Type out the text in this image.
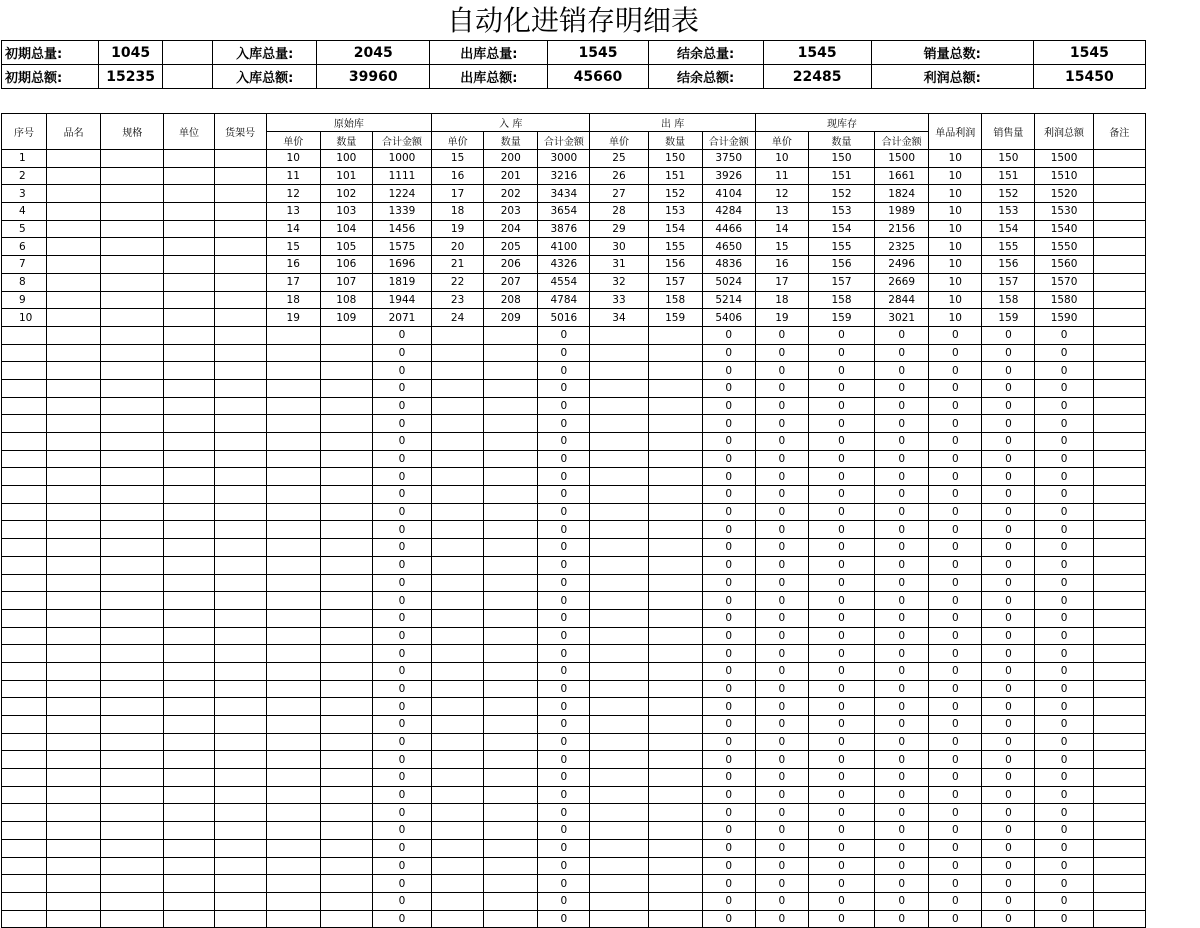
自动化进销存明细表
初期总量:	1045		入库总量:	2045	出库总量:	1545	结余总量:	1545	销量总数:	1545
初期总额:	15235		入库总额:	39960	出库总额:	45660	结余总额:	22485	利润总额:	15450
序号	品名	规格	单位	货架号	原始库			入 库			出 库			现库存			单品利润	销售量	利润总额	备注
					单价	数量	合计金额	单价	数量	合计金额	单价	数量	合计金额	单价	数量	合计金额				
1					10	100	1000	15	200	3000	25	150	3750	10	150	1500	10	150	1500	
2					11	101	1111	16	201	3216	26	151	3926	11	151	1661	10	151	1510	
3					12	102	1224	17	202	3434	27	152	4104	12	152	1824	10	152	1520	
4					13	103	1339	18	203	3654	28	153	4284	13	153	1989	10	153	1530	
5					14	104	1456	19	204	3876	29	154	4466	14	154	2156	10	154	1540	
6					15	105	1575	20	205	4100	30	155	4650	15	155	2325	10	155	1550	
7					16	106	1696	21	206	4326	31	156	4836	16	156	2496	10	156	1560	
8					17	107	1819	22	207	4554	32	157	5024	17	157	2669	10	157	1570	
9					18	108	1944	23	208	4784	33	158	5214	18	158	2844	10	158	1580	
10					19	109	2071	24	209	5016	34	159	5406	19	159	3021	10	159	1590	
							0			0			0	0	0	0	0	0	0	
							0			0			0	0	0	0	0	0	0	
							0			0			0	0	0	0	0	0	0	
							0			0			0	0	0	0	0	0	0	
							0			0			0	0	0	0	0	0	0	
							0			0			0	0	0	0	0	0	0	
							0			0			0	0	0	0	0	0	0	
							0			0			0	0	0	0	0	0	0	
							0			0			0	0	0	0	0	0	0	
							0			0			0	0	0	0	0	0	0	
							0			0			0	0	0	0	0	0	0	
							0			0			0	0	0	0	0	0	0	
							0			0			0	0	0	0	0	0	0	
							0			0			0	0	0	0	0	0	0	
							0			0			0	0	0	0	0	0	0	
							0			0			0	0	0	0	0	0	0	
							0			0			0	0	0	0	0	0	0	
							0			0			0	0	0	0	0	0	0	
							0			0			0	0	0	0	0	0	0	
							0			0			0	0	0	0	0	0	0	
							0			0			0	0	0	0	0	0	0	
							0			0			0	0	0	0	0	0	0	
							0			0			0	0	0	0	0	0	0	
							0			0			0	0	0	0	0	0	0	
							0			0			0	0	0	0	0	0	0	
							0			0			0	0	0	0	0	0	0	
							0			0			0	0	0	0	0	0	0	
							0			0			0	0	0	0	0	0	0	
							0			0			0	0	0	0	0	0	0	
							0			0			0	0	0	0	0	0	0	
							0			0			0	0	0	0	0	0	0	
							0			0			0	0	0	0	0	0	0	
							0			0			0	0	0	0	0	0	0	
							0			0			0	0	0	0	0	0	0	
